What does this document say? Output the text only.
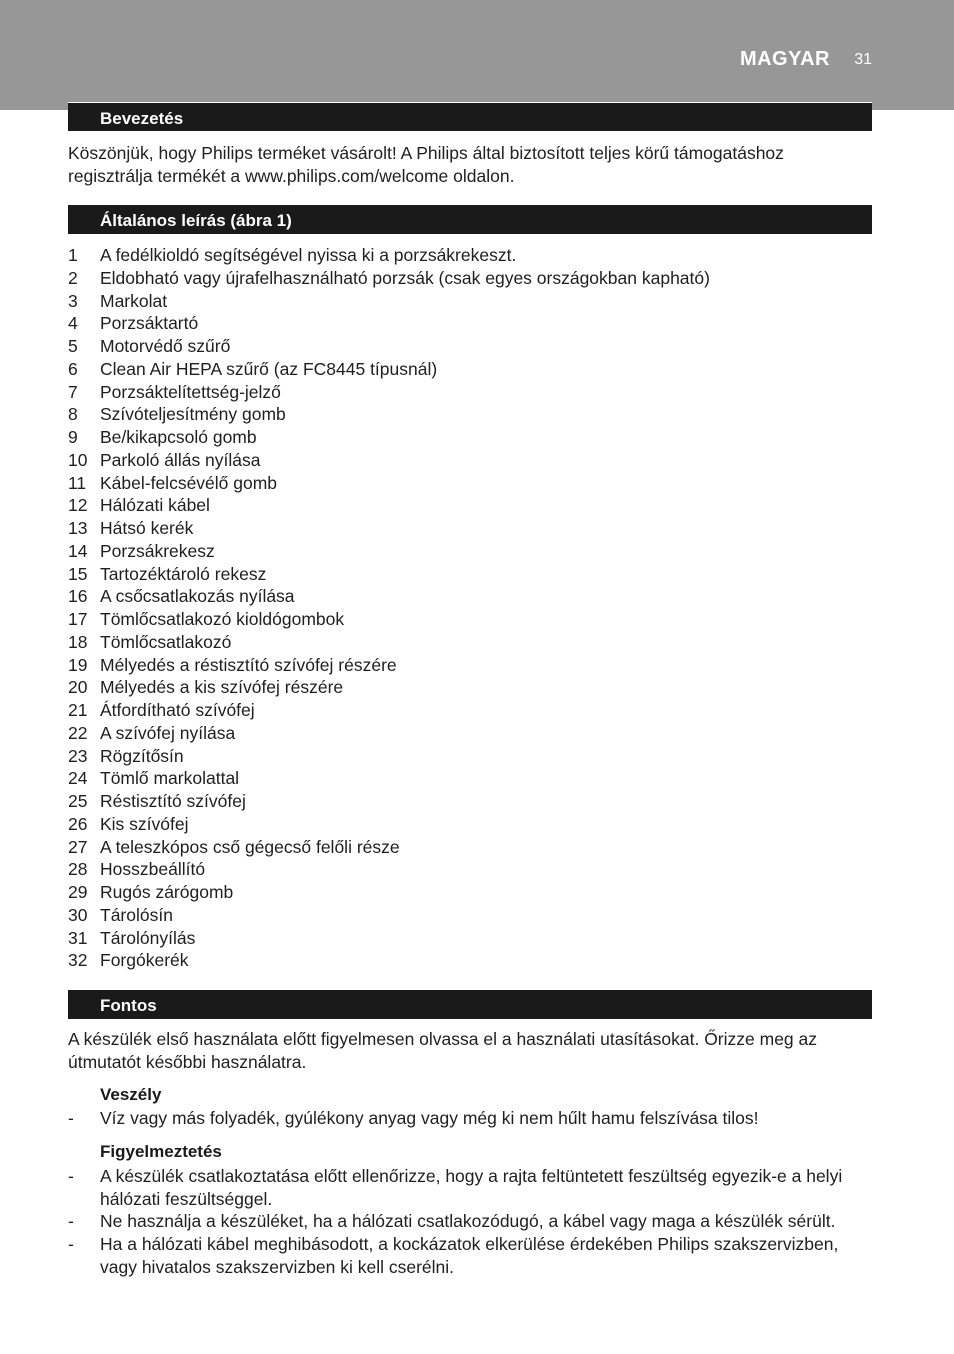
MAGYAR 31
Bevezetés
Köszönjük, hogy Philips terméket vásárolt! A Philips által biztosított teljes körű támogatáshoz regisztrálja termékét a www.philips.com/welcome oldalon.
Általános leírás (ábra 1)
1 A fedélkioldó segítségével nyissa ki a porzsákrekeszt.
2 Eldobható vagy újrafelhasználható porzsák (csak egyes országokban kapható)
3 Markolat
4 Porzsáktartó
5 Motorvédő szűrő
6 Clean Air HEPA szűrő (az FC8445 típusnál)
7 Porzsáktelítettség-jelző
8 Szívóteljesítmény gomb
9 Be/kikapcsoló gomb
10 Parkoló állás nyílása
11 Kábel-felcsévélő gomb
12 Hálózati kábel
13 Hátsó kerék
14 Porzsákrekesz
15 Tartozéktároló rekesz
16 A csőcsatlakozás nyílása
17 Tömlőcsatlakozó kioldógombok
18 Tömlőcsatlakozó
19 Mélyedés a réstisztító szívófej részére
20 Mélyedés a kis szívófej részére
21 Átfordítható szívófej
22 A szívófej nyílása
23 Rögzítősín
24 Tömlő markolattal
25 Réstisztító szívófej
26 Kis szívófej
27 A teleszkópos cső gégecső felőli része
28 Hosszbeállító
29 Rugós zárógomb
30 Tárolósín
31 Tárolónyílás
32 Forgókerék
Fontos
A készülék első használata előtt figyelmesen olvassa el a használati utasításokat. Őrizze meg az útmutatót későbbi használatra.
Veszély
- Víz vagy más folyadék, gyúlékony anyag vagy még ki nem hűlt hamu felszívása tilos!
Figyelmeztetés
- A készülék csatlakoztatása előtt ellenőrizze, hogy a rajta feltüntetett feszültség egyezik-e a helyi hálózati feszültséggel.
- Ne használja a készüléket, ha a hálózati csatlakozódugó, a kábel vagy maga a készülék sérült.
- Ha a hálózati kábel meghibásodott, a kockázatok elkerülése érdekében Philips szakszervizben, vagy hivatalos szakszervizben ki kell cserélni.
